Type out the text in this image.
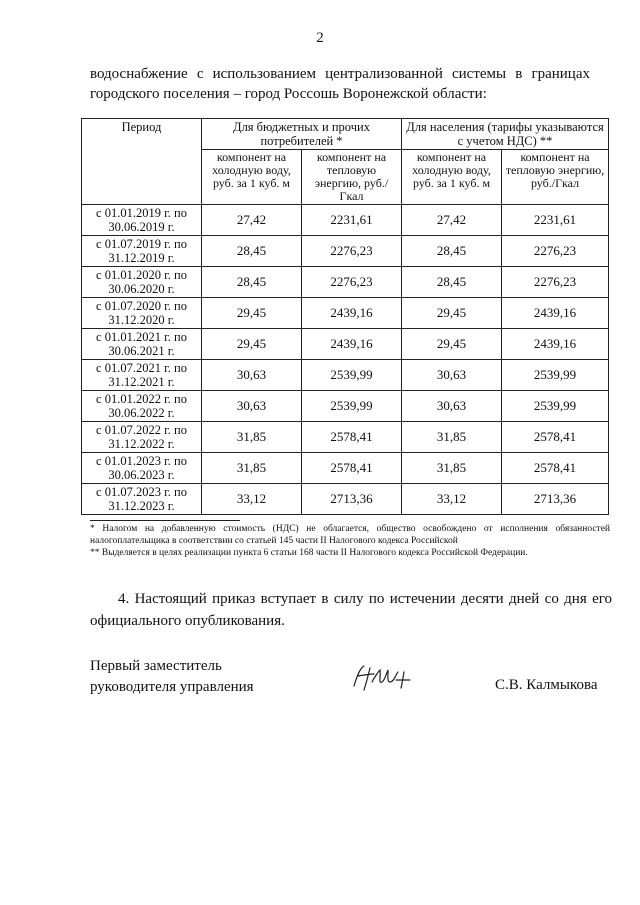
2
водоснабжение с использованием централизованной системы в границах городского поселения – город Россошь Воронежской области:
Период	Для бюджетных и прочих потребителей *		Для населения (тарифы указываются с учетом НДС) **	
	компонент на холодную воду, руб. за 1 куб. м	компонент на тепловую энергию, руб./Гкал	компонент на холодную воду, руб. за 1 куб. м	компонент на тепловую энергию, руб./Гкал
с 01.01.2019 г. по 30.06.2019 г.	27,42	2231,61	27,42	2231,61
с 01.07.2019 г. по 31.12.2019 г.	28,45	2276,23	28,45	2276,23
с 01.01.2020 г. по 30.06.2020 г.	28,45	2276,23	28,45	2276,23
с 01.07.2020 г. по 31.12.2020 г.	29,45	2439,16	29,45	2439,16
с 01.01.2021 г. по 30.06.2021 г.	29,45	2439,16	29,45	2439,16
с 01.07.2021 г. по 31.12.2021 г.	30,63	2539,99	30,63	2539,99
с 01.01.2022 г. по 30.06.2022 г.	30,63	2539,99	30,63	2539,99
с 01.07.2022 г. по 31.12.2022 г.	31,85	2578,41	31,85	2578,41
с 01.01.2023 г. по 30.06.2023 г.	31,85	2578,41	31,85	2578,41
с 01.07.2023 г. по 31.12.2023 г.	33,12	2713,36	33,12	2713,36

* Налогом на добавленную стоимость (НДС) не облагается, общество освобождено от исполнения обязанностей налогоплательщика в соответствии со статьей 145 части II Налогового кодекса Российской

** Выделяется в целях реализации пункта 6 статьи 168 части II Налогового кодекса Российской Федерации.

4. Настоящий приказ вступает в силу по истечении десяти дней со дня его
официального опубликования.
Первый заместитель
руководителя управления	С.В. Калмыкова
